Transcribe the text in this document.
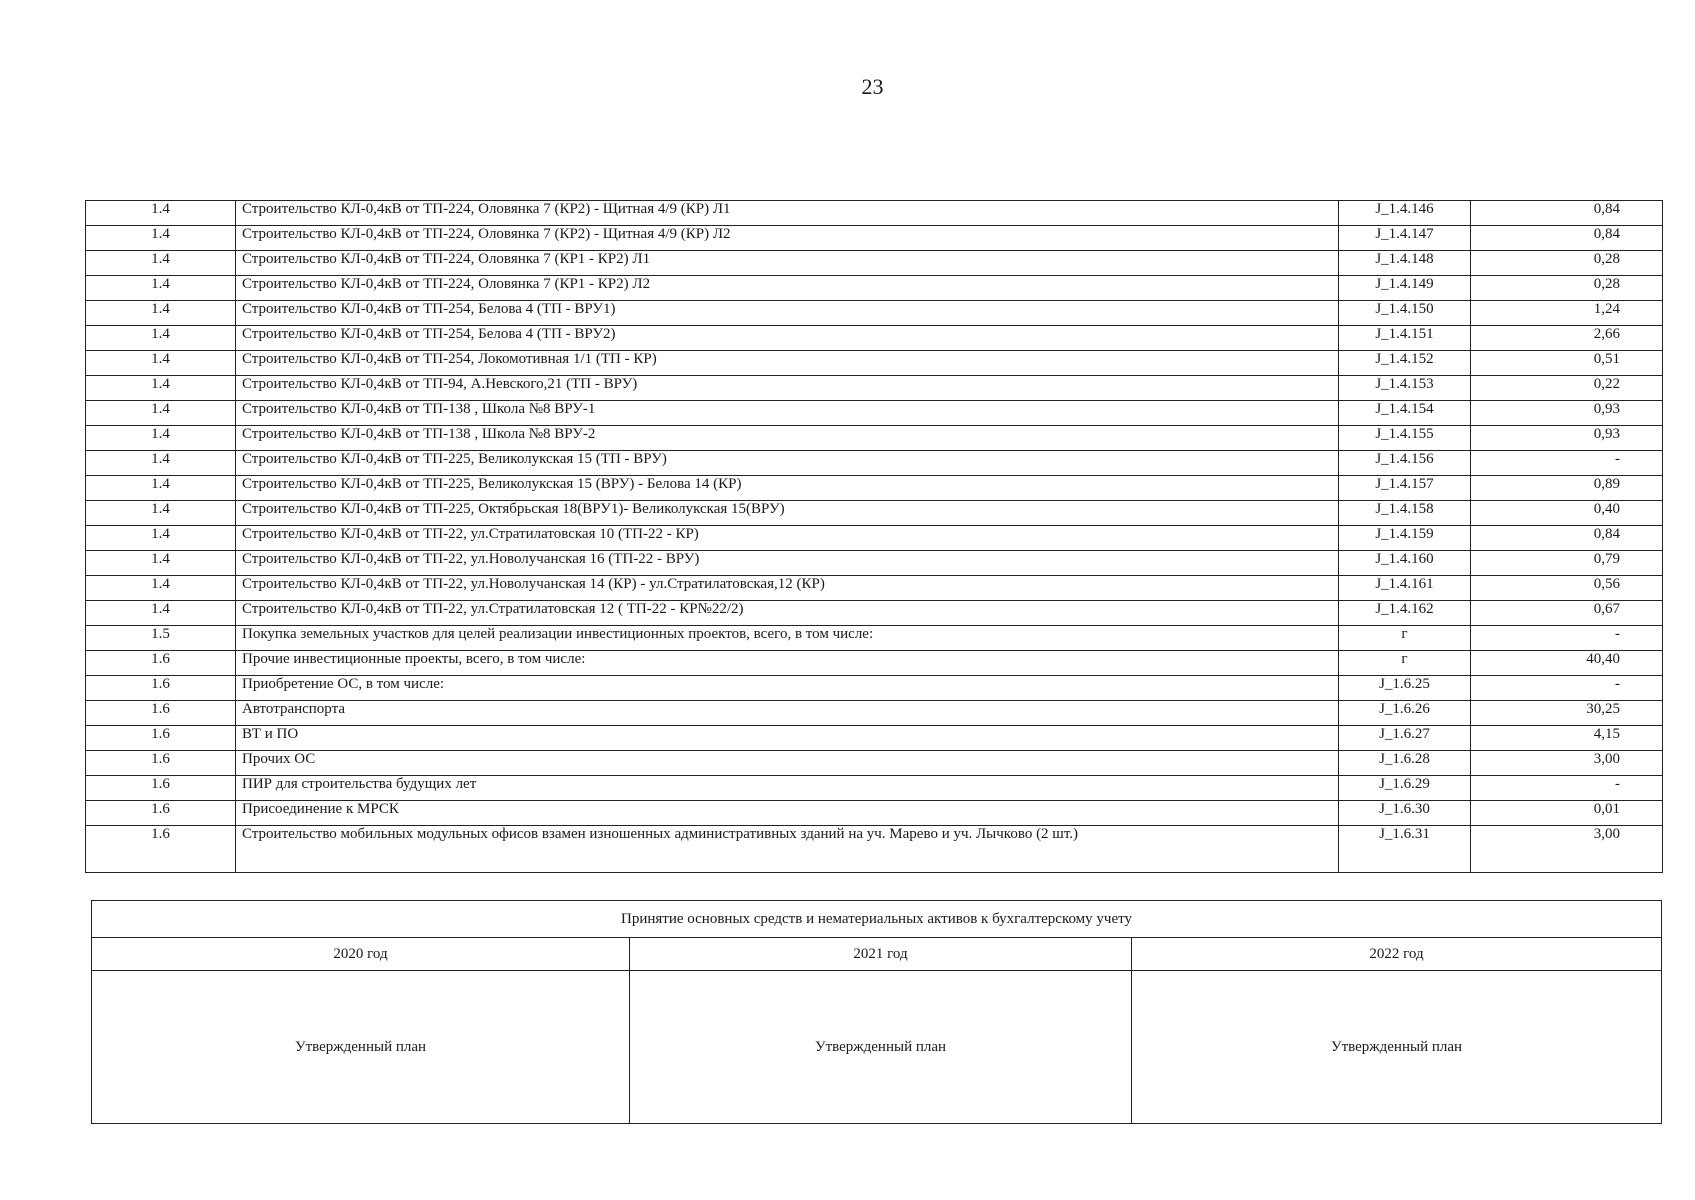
23
1.4	Строительство КЛ-0,4кВ от ТП-224, Оловянка 7 (КР2) - Щитная 4/9 (КР) Л1	J_1.4.146	0,84
1.4	Строительство КЛ-0,4кВ от ТП-224, Оловянка 7 (КР2) - Щитная 4/9 (КР) Л2	J_1.4.147	0,84
1.4	Строительство КЛ-0,4кВ от ТП-224, Оловянка 7 (КР1 - КР2) Л1	J_1.4.148	0,28
1.4	Строительство КЛ-0,4кВ от ТП-224, Оловянка 7 (КР1 - КР2) Л2	J_1.4.149	0,28
1.4	Строительство КЛ-0,4кВ от ТП-254, Белова 4 (ТП - ВРУ1)	J_1.4.150	1,24
1.4	Строительство КЛ-0,4кВ от ТП-254, Белова 4 (ТП - ВРУ2)	J_1.4.151	2,66
1.4	Строительство КЛ-0,4кВ от ТП-254, Локомотивная 1/1 (ТП - КР)	J_1.4.152	0,51
1.4	Строительство КЛ-0,4кВ от ТП-94, А.Невского,21 (ТП - ВРУ)	J_1.4.153	0,22
1.4	Строительство КЛ-0,4кВ от ТП-138 , Школа №8 ВРУ-1	J_1.4.154	0,93
1.4	Строительство КЛ-0,4кВ от ТП-138 , Школа №8 ВРУ-2	J_1.4.155	0,93
1.4	Строительство КЛ-0,4кВ от ТП-225, Великолукская 15 (ТП - ВРУ)	J_1.4.156	-
1.4	Строительство КЛ-0,4кВ от ТП-225, Великолукская 15 (ВРУ) - Белова 14 (КР)	J_1.4.157	0,89
1.4	Строительство КЛ-0,4кВ от ТП-225, Октябрьская 18(ВРУ1)- Великолукская 15(ВРУ)	J_1.4.158	0,40
1.4	Строительство КЛ-0,4кВ от ТП-22, ул.Стратилатовская 10 (ТП-22 - КР)	J_1.4.159	0,84
1.4	Строительство КЛ-0,4кВ от ТП-22, ул.Новолучанская 16 (ТП-22 - ВРУ)	J_1.4.160	0,79
1.4	Строительство КЛ-0,4кВ от ТП-22, ул.Новолучанская 14 (КР) - ул.Стратилатовская,12 (КР)	J_1.4.161	0,56
1.4	Строительство КЛ-0,4кВ от ТП-22, ул.Стратилатовская 12 ( ТП-22 - КР№22/2)	J_1.4.162	0,67
1.5	Покупка земельных участков для целей реализации инвестиционных проектов, всего, в том числе:	г	-
1.6	Прочие инвестиционные проекты, всего, в том числе:	г	40,40
1.6	Приобретение ОС, в том числе:	J_1.6.25	-
1.6	Автотранспорта	J_1.6.26	30,25
1.6	ВТ и ПО	J_1.6.27	4,15
1.6	Прочих ОС	J_1.6.28	3,00
1.6	ПИР для строительства будущих лет	J_1.6.29	-
1.6	Присоединение к МРСК	J_1.6.30	0,01
1.6	Строительство мобильных модульных офисов взамен изношенных административных зданий на уч. Марево и уч. Лычково (2 шт.)	J_1.6.31	3,00
Принятие основных средств и нематериальных активов к бухгалтерскому учету		
2020 год	2021 год	2022 год
Утвержденный план	Утвержденный план	Утвержденный план
